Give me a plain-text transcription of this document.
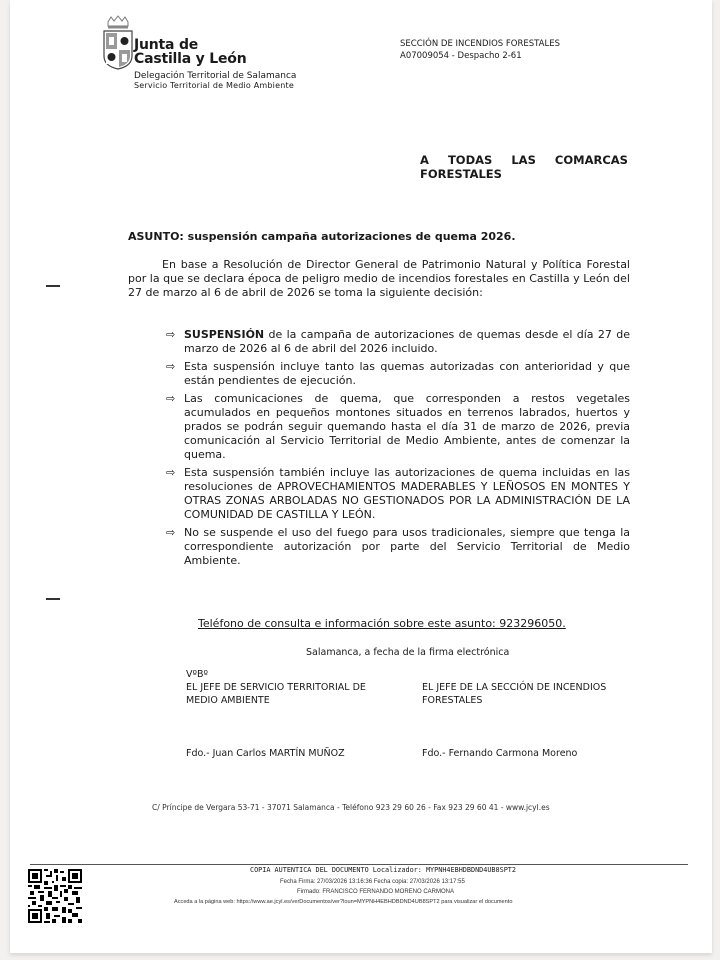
Junta de
Castilla y León
Delegación Territorial de Salamanca
Servicio Territorial de Medio Ambiente
SECCIÓN DE INCENDIOS FORESTALES
A07009054 - Despacho 2-61
A TODAS LAS COMARCAS
FORESTALES
ASUNTO: suspensión campaña autorizaciones de quema 2026.
En base a Resolución de Director General de Patrimonio Natural y Política Forestal por la que se declara época de peligro medio de incendios forestales en Castilla y León del 27 de marzo al 6 de abril de 2026 se toma la siguiente decisión:
⇨ SUSPENSIÓN de la campaña de autorizaciones de quemas desde el día 27 de marzo de 2026 al 6 de abril del 2026 incluido.
⇨ Esta suspensión incluye tanto las quemas autorizadas con anterioridad y que están pendientes de ejecución.
⇨ Las comunicaciones de quema, que corresponden a restos vegetales acumulados en pequeños montones situados en terrenos labrados, huertos y prados se podrán seguir quemando hasta el día 31 de marzo de 2026, previa comunicación al Servicio Territorial de Medio Ambiente, antes de comenzar la quema.
⇨ Esta suspensión también incluye las autorizaciones de quema incluidas en las resoluciones de APROVECHAMIENTOS MADERABLES Y LEÑOSOS EN MONTES Y OTRAS ZONAS ARBOLADAS NO GESTIONADOS POR LA ADMINISTRACIÓN DE LA COMUNIDAD DE CASTILLA Y LEÓN.
⇨ No se suspende el uso del fuego para usos tradicionales, siempre que tenga la correspondiente autorización por parte del Servicio Territorial de Medio Ambiente.
Teléfono de consulta e información sobre este asunto: 923296050.
Salamanca, a fecha de la firma electrónica
VºBº
EL JEFE DE SERVICIO TERRITORIAL DE MEDIO AMBIENTE
EL JEFE DE LA SECCIÓN DE INCENDIOS FORESTALES
Fdo.- Juan Carlos MARTÍN MUÑOZ	Fdo.- Fernando Carmona Moreno
C/ Príncipe de Vergara 53-71 - 37071 Salamanca - Teléfono 923 29 60 26 - Fax 923 29 60 41 - www.jcyl.es
COPIA AUTENTICA DEL DOCUMENTO Localizador: MYPNH4EBHDBDND4UB8SPT2
Fecha Firma: 27/03/2026 13:16:36 Fecha copia: 27/03/2026 13:17:55
Firmado: FRANCISCO FERNANDO MORENO CARMONA
Acceda a la página web: https://www.ae.jcyl.es/verDocumentos/ver?loun=MYPNH4EBHDBDND4UB8SPT2 para visualizar el documento
